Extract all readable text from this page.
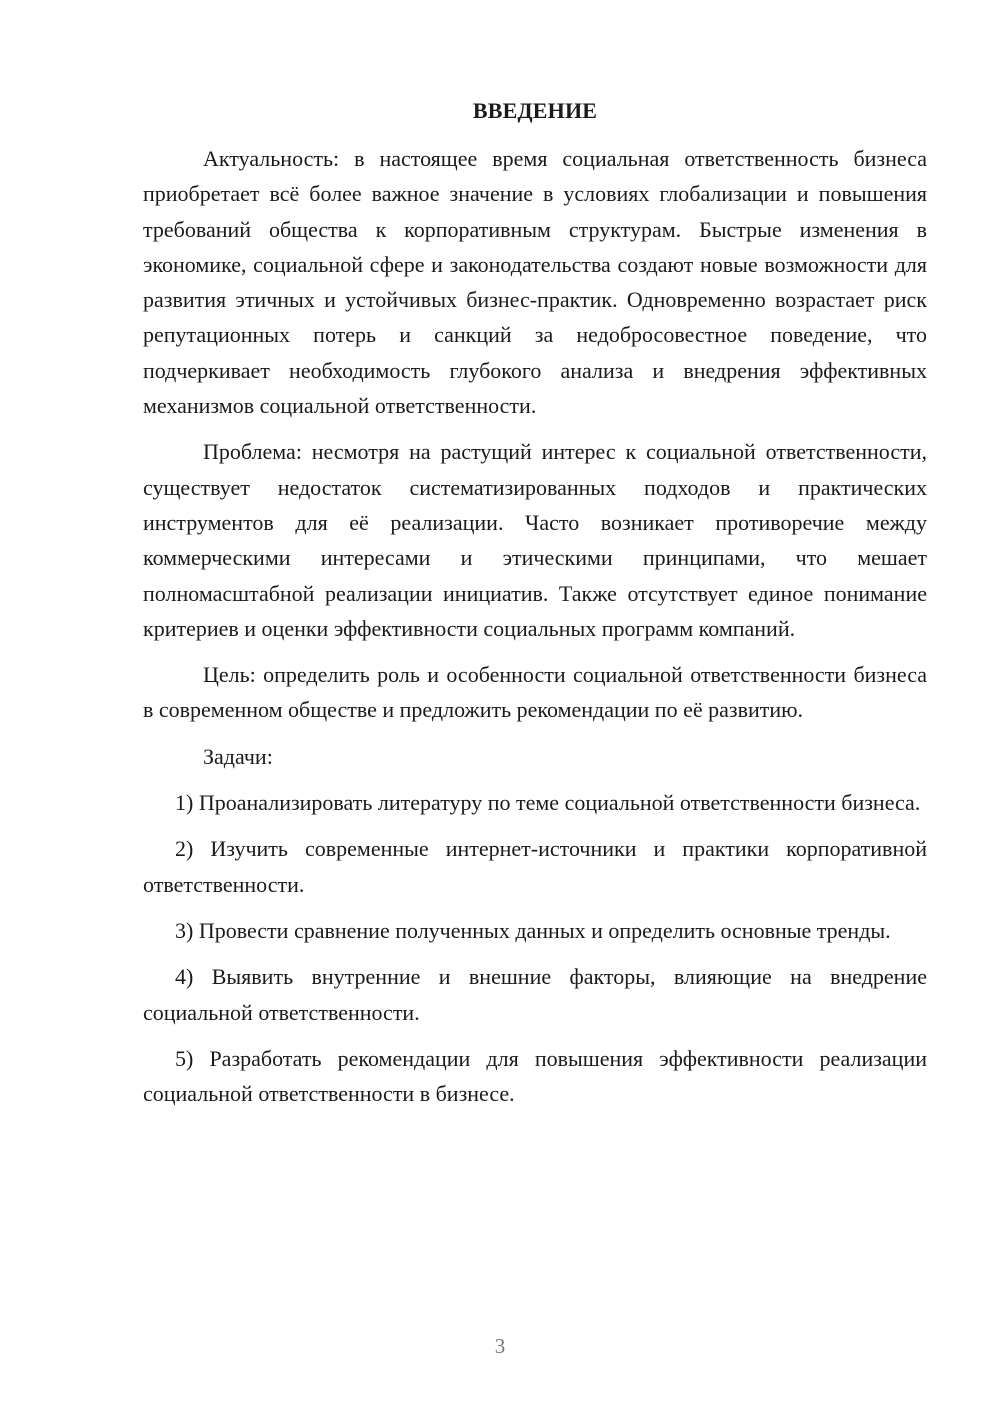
ВВЕДЕНИЕ

Актуальность: в настоящее время социальная ответственность бизнеса приобретает всё более важное значение в условиях глобализации и повышения требований общества к корпоративным структурам. Быстрые изменения в экономике, социальной сфере и законодательства создают новые возможности для развития этичных и устойчивых бизнес-практик. Одновременно возрастает риск репутационных потерь и санкций за недобросовестное поведение, что подчеркивает необходимость глубокого анализа и внедрения эффективных механизмов социальной ответственности.

Проблема: несмотря на растущий интерес к социальной ответственности, существует недостаток систематизированных подходов и практических инструментов для её реализации. Часто возникает противоречие между коммерческими интересами и этическими принципами, что мешает полномасштабной реализации инициатив. Также отсутствует единое понимание критериев и оценки эффективности социальных программ компаний.

Цель: определить роль и особенности социальной ответственности бизнеса в современном обществе и предложить рекомендации по её развитию.

Задачи:

1) Проанализировать литературу по теме социальной ответственности бизнеса.

2) Изучить современные интернет-источники и практики корпоративной ответственности.

3) Провести сравнение полученных данных и определить основные тренды.

4) Выявить внутренние и внешние факторы, влияющие на внедрение социальной ответственности.

5) Разработать рекомендации для повышения эффективности реализации социальной ответственности в бизнесе.

3
